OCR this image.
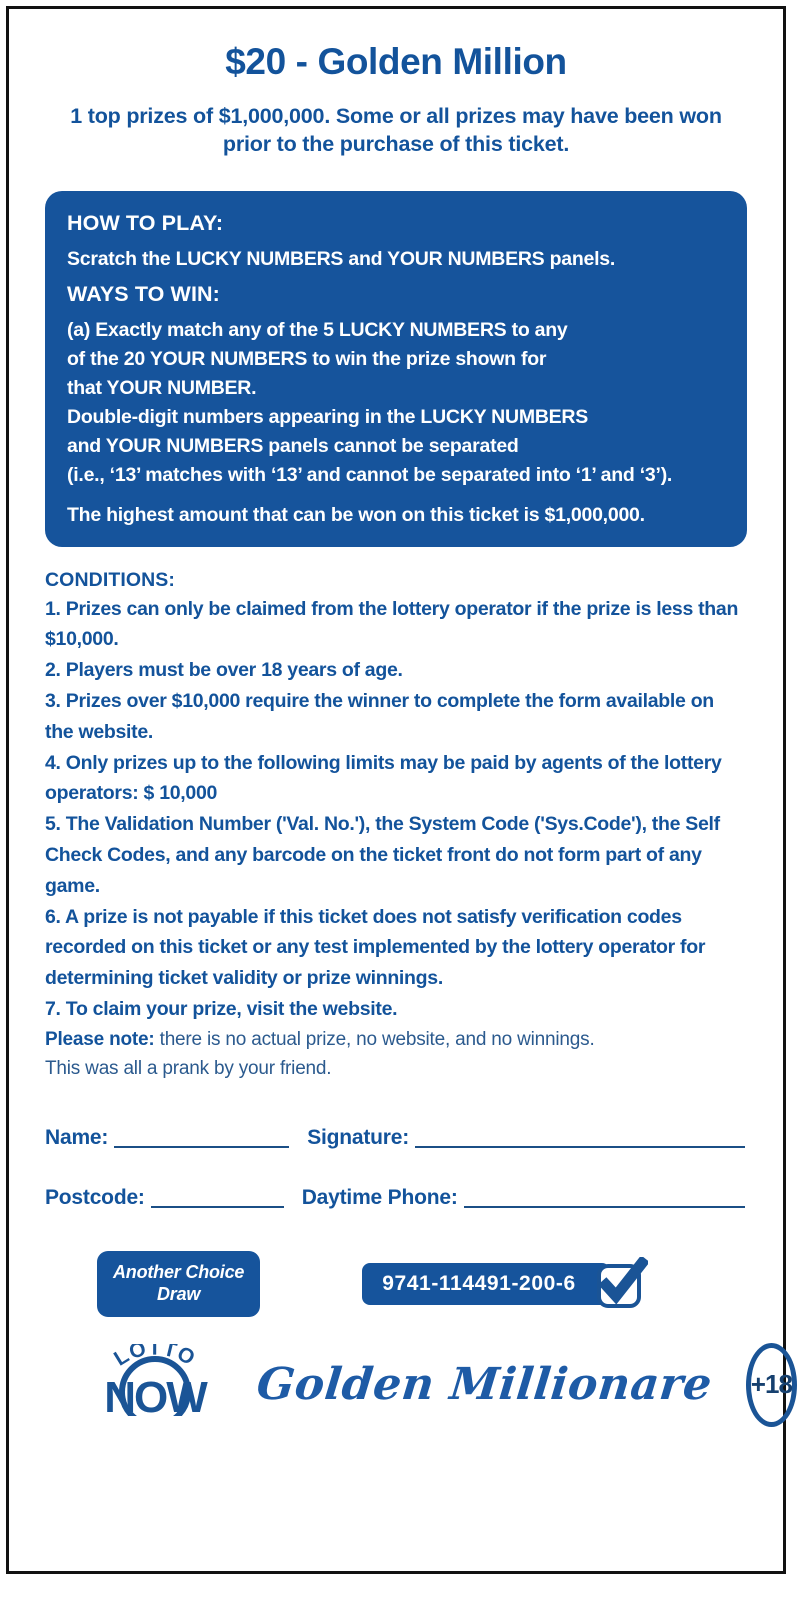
$20 - Golden Million
1 top prizes of $1,000,000. Some or all prizes may have been won prior to the purchase of this ticket.
HOW TO PLAY:
Scratch the LUCKY NUMBERS and YOUR NUMBERS panels.
WAYS TO WIN:
(a) Exactly match any of the 5 LUCKY NUMBERS to any
of the 20 YOUR NUMBERS to win the prize shown for
that YOUR NUMBER.
Double-digit numbers appearing in the LUCKY NUMBERS
and YOUR NUMBERS panels cannot be separated
(i.e., ‘13’ matches with ‘13’ and cannot be separated into ‘1’ and ‘3’).
The highest amount that can be won on this ticket is $1,000,000.
CONDITIONS:
1. Prizes can only be claimed from the lottery operator if the prize is less than $10,000.
2. Players must be over 18 years of age.
3. Prizes over $10,000 require the winner to complete the form available on the website.
4. Only prizes up to the following limits may be paid by agents of the lottery operators: $ 10,000
5. The Validation Number ('Val. No.'), the System Code ('Sys.Code'), the Self Check Codes, and any barcode on the ticket front do not form part of any game.
6. A prize is not payable if this ticket does not satisfy verification codes recorded on this ticket or any test implemented by the lottery operator for determining ticket validity or prize winnings.
7. To claim your prize, visit the website.
Please note: there is no actual prize, no website, and no winnings.
This was all a prank by your friend.
Name:	Signature:
Postcode:	Daytime Phone:
Another Choice
Draw	9741-114491-200-6
LOTTO
NOW Golden Millionare +18
